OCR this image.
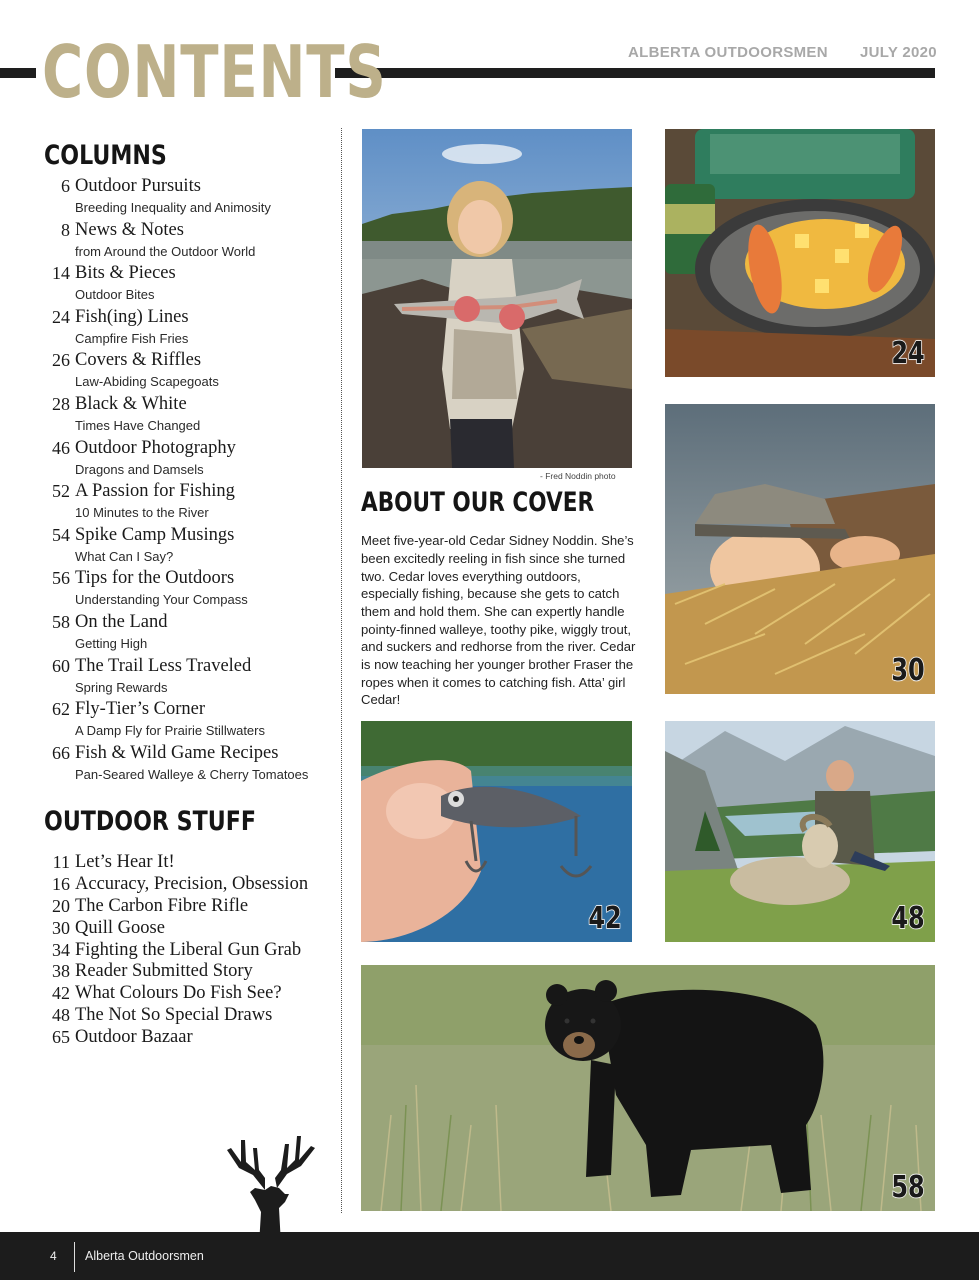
CONTENTS	ALBERTA OUTDOORSMEN JULY 2020
COLUMNS
6 Outdoor Pursuits
Breeding Inequality and Animosity
8 News & Notes
from Around the Outdoor World
14 Bits & Pieces
Outdoor Bites
24 Fish(ing) Lines
Campfire Fish Fries
26 Covers & Riffles
Law-Abiding Scapegoats
28 Black & White
Times Have Changed
46 Outdoor Photography
Dragons and Damsels
52 A Passion for Fishing
10 Minutes to the River
54 Spike Camp Musings
What Can I Say?
56 Tips for the Outdoors
Understanding Your Compass
58 On the Land
Getting High
60 The Trail Less Traveled
Spring Rewards
62 Fly-Tier’s Corner
A Damp Fly for Prairie Stillwaters
66 Fish & Wild Game Recipes
Pan-Seared Walleye & Cherry Tomatoes
OUTDOOR STUFF
11 Let’s Hear It!
16 Accuracy, Precision, Obsession
20 The Carbon Fibre Rifle
30 Quill Goose
34 Fighting the Liberal Gun Grab
38 Reader Submitted Story
42 What Colours Do Fish See?
48 The Not So Special Draws
65 Outdoor Bazaar
- Fred Noddin photo
ABOUT OUR COVER

Meet five-year-old Cedar Sidney Noddin. She’s been excitedly reeling in fish since she turned two. Cedar loves everything outdoors, especially fishing, because she gets to catch them and hold them. She can expertly handle pointy-finned walleye, toothy pike, wiggly trout, and suckers and redhorse from the river. Cedar is now teaching her younger brother Fraser the ropes when it comes to catching fish. Atta’ girl Cedar!

24
30
42	48
58
4 Alberta Outdoorsmen
